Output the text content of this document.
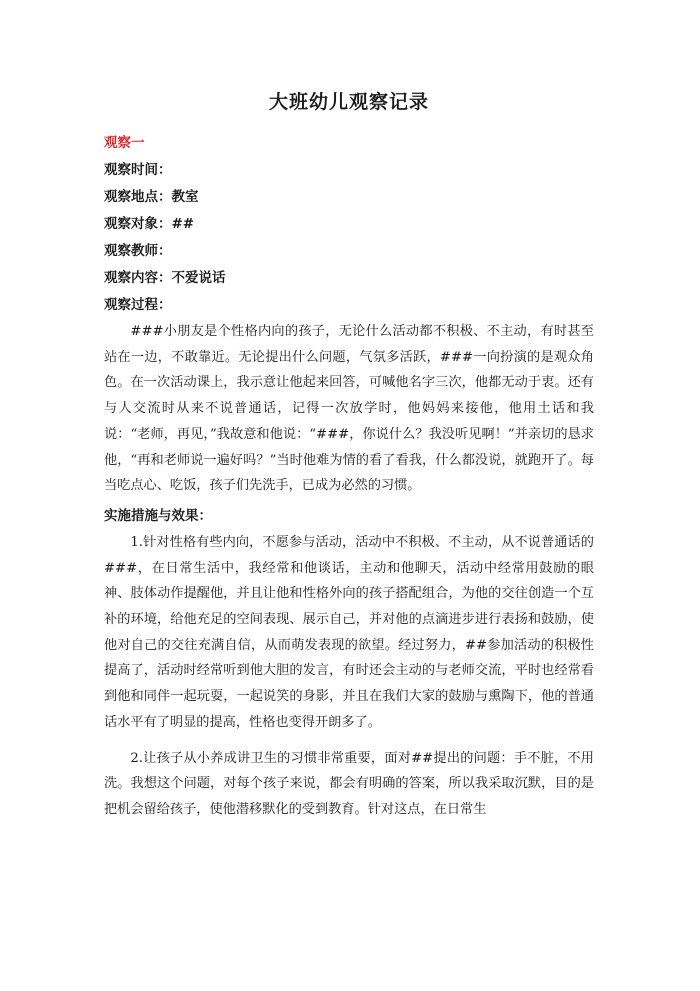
大班幼儿观察记录

观察一

观察时间：

观察地点：教室

观察对象：##

观察教师：

观察内容：不爱说话

观察过程：

###小朋友是个性格内向的孩子，无论什么活动都不积极、不主动，有时甚至站在一边，不敢靠近。无论提出什么问题，气氛多活跃，###一向扮演的是观众角色。在一次活动课上，我示意让他起来回答，可喊他名字三次，他都无动于衷。还有与人交流时从来不说普通话，记得一次放学时，他妈妈来接他，他用土话和我说：“老师，再见，”我故意和他说：“###，你说什么？我没听见啊！”并亲切的恳求他，“再和老师说一遍好吗？”当时他难为情的看了看我，什么都没说，就跑开了。每当吃点心、吃饭，孩子们先洗手，已成为必然的习惯。

实施措施与效果：

1.针对性格有些内向，不愿参与活动，活动中不积极、不主动，从不说普通话的###，在日常生活中，我经常和他谈话，主动和他聊天，活动中经常用鼓励的眼神、肢体动作提醒他，并且让他和性格外向的孩子搭配组合，为他的交往创造一个互补的环境，给他充足的空间表现、展示自己，并对他的点滴进步进行表扬和鼓励，使他对自己的交往充满自信，从而萌发表现的欲望。经过努力，##参加活动的积极性提高了，活动时经常听到他大胆的发言，有时还会主动的与老师交流，平时也经常看到他和同伴一起玩耍，一起说笑的身影，并且在我们大家的鼓励与熏陶下，他的普通话水平有了明显的提高，性格也变得开朗多了。

2.让孩子从小养成讲卫生的习惯非常重要，面对##提出的问题：手不脏，不用洗。我想这个问题，对每个孩子来说，都会有明确的答案，所以我采取沉默，目的是把机会留给孩子，使他潜移默化的受到教育。针对这点，在日常生
